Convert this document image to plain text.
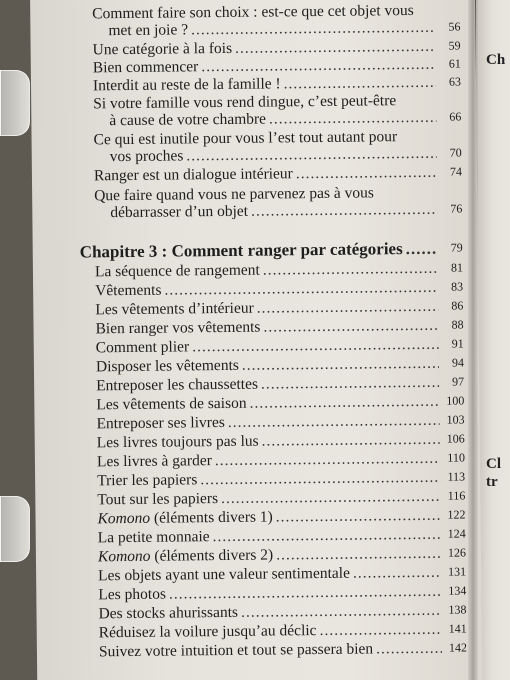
Ch
Cl
tr
Comment faire son choix : est-ce que cet objet vous
met en joie ? .....	56
Une catégorie à la fois .....	59
Bien commencer .....	61
Interdit au reste de la famille ! .....	63
Si votre famille vous rend dingue, c’est peut-être
à cause de votre chambre .....	66
Ce qui est inutile pour vous l’est tout autant pour
vos proches .....	70
Ranger est un dialogue intérieur .....	74
Que faire quand vous ne parvenez pas à vous
débarrasser d’un objet .....	76
Chapitre 3 : Comment ranger par catégories .....	79
La séquence de rangement .....	81
Vêtements .....	83
Les vêtements d’intérieur .....	86
Bien ranger vos vêtements .....	88
Comment plier .....	91
Disposer les vêtements .....	94
Entreposer les chaussettes .....	97
Les vêtements de saison .....	100
Entreposer ses livres .....	103
Les livres toujours pas lus .....	106
Les livres à garder .....	110
Trier les papiers .....	113
Tout sur les papiers .....	116
Komono (éléments divers 1) .....	122
La petite monnaie .....	124
Komono (éléments divers 2) .....	126
Les objets ayant une valeur sentimentale .....	131
Les photos .....	134
Des stocks ahurissants .....	138
Réduisez la voilure jusqu’au déclic .....	141
Suivez votre intuition et tout se passera bien .....	142
